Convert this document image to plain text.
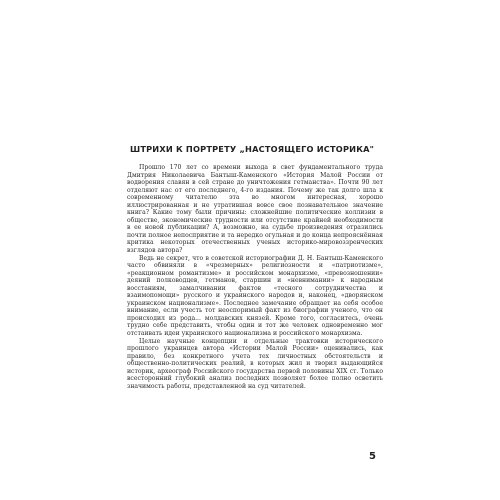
ШТРИХИ К ПОРТРЕТУ „НАСТОЯЩЕГО ИСТОРИКА"

Прошло 170 лет со времени выхода в свет фундаментального труда Дмитрия Николаевича Бантыш-Каменского «История Малой России от водворения славян в сей стране до уничтожения гетманства». Почти 90 лет отделяют нас от его последнего, 4-го издания. Почему же так долго шла к современному читателю эта во многом интересная, хорошо иллюстрированная и не утратившая вовсе свое познавательное значение книга? Какие тому были причины: сложнейшие политические коллизии в обществе, экономические трудности или отсутствие крайней необходимости в ее новой публикации? А, возможно, на судьбе произведения отразились почти полное непосприятие и та нередко огульная и до конца непрояснённая критика некоторых отечественных ученых историко-мировоззренческих взглядов автора?

Ведь не секрет, что в советской историографии Д. Н. Бантыш-Каменского часто обвиняли в «чрезмерных» религиозности и «патриотизме», «реакционном романтизме» и российском монархизме, «превозношении» деяний полководцев, гетманов, старшин и «невнимании» к народным восстаниям, замалчивании фактов «тесного сотрудничества и взаимопомощи» русского и украинского народов и, наконец, «дворянском украинском национализме». Последнее замечание обращает на себя особое внимание, если учесть тот неоспоримый факт из биографии ученого, что он происходил из рода... молдавских князей. Кроме того, согласитесь, очень трудно себе представить, чтобы один и тот же человек одновременно мог отстаивать идеи украинского национализма и российского монархизма.

Целые научные концепции и отдельные трактовки исторического прошлого украинцев автора «Истории Малой России» оценивались, как правило, без конкретного учета тех личностных обстоятельств и общественно-политических реалий, в которых жил и творил выдающийся историк, археограф Российского государства первой половины XIX ст. Только всесторонний глубокий анализ последних позволяет более полно осветить значимость работы, представленной на суд читателей.

5
